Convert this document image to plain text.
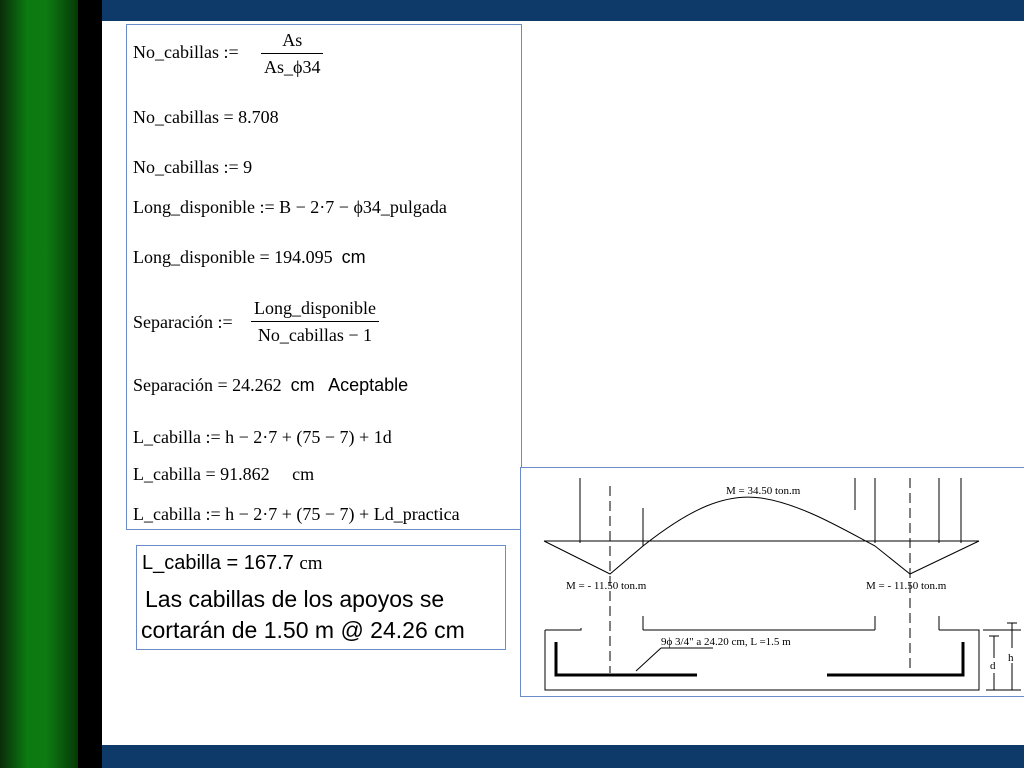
No_cabillas :=
As
As_ϕ34
No_cabillas = 8.708
No_cabillas := 9
Long_disponible := B − 2·7 − ϕ34_pulgada
Long_disponible = 194.095 cm
Separación :=
Long_disponible
No_cabillas − 1
Separación = 24.262 cm Aceptable
L_cabilla := h − 2·7 + (75 − 7) + 1d
L_cabilla = 91.862 cm
L_cabilla := h − 2·7 + (75 − 7) + Ld_practica
L_cabilla = 167.7 cm
Las cabillas de los apoyos se
cortarán de 1.50 m @ 24.26 cm
M = 34.50 ton.m
M = - 11.50 ton.m	M = - 11.50 ton.m
9ϕ 3/4" a 24.20 cm, L =1.5 m
d
h
